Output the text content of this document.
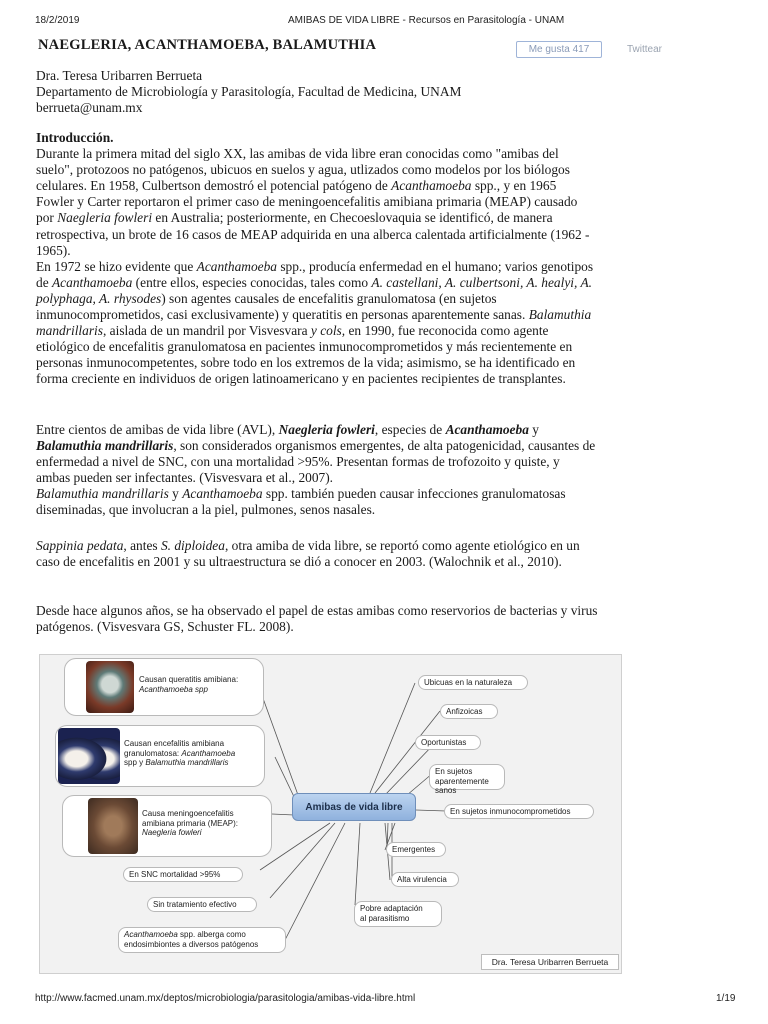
18/2/2019	AMIBAS DE VIDA LIBRE - Recursos en Parasitología - UNAM
NAEGLERIA, ACANTHAMOEBA, BALAMUTHIA	Me gusta 417	Twittear

Dra. Teresa Uribarren Berrueta

Departamento de Microbiología y Parasitología, Facultad de Medicina, UNAM

berrueta@unam.mx

Introducción.

Durante la primera mitad del siglo XX, las amibas de vida libre eran conocidas como "amibas del suelo", protozoos no patógenos, ubicuos en suelos y agua, utlizados como modelos por los biólogos celulares. En 1958, Culbertson demostró el potencial patógeno de Acanthamoeba spp., y en 1965 Fowler y Carter reportaron el primer caso de meningoencefalitis amibiana primaria (MEAP) causado por Naegleria fowleri en Australia; posteriormente, en Checoeslovaquia se identificó, de manera retrospectiva, un brote de 16 casos de MEAP adquirida en una alberca calentada artificialmente (1962 - 1965).

En 1972 se hizo evidente que Acanthamoeba spp., producía enfermedad en el humano; varios genotipos de Acanthamoeba (entre ellos, especies conocidas, tales como A. castellani, A. culbertsoni, A. healyi, A. polyphaga, A. rhysodes) son agentes causales de encefalitis granulomatosa (en sujetos inmunocomprometidos, casi exclusivamente) y queratitis en personas aparentemente sanas. Balamuthia mandrillaris, aislada de un mandril por Visvesvara y cols, en 1990, fue reconocida como agente etiológico de encefalitis granulomatosa en pacientes inmunocomprometidos y más recientemente en personas inmunocompetentes, sobre todo en los extremos de la vida; asimismo, se ha identificado en forma creciente en individuos de origen latinoamericano y en pacientes recipientes de transplantes.

Entre cientos de amibas de vida libre (AVL), Naegleria fowleri, especies de Acanthamoeba y Balamuthia mandrillaris, son considerados organismos emergentes, de alta patogenicidad, causantes de enfermedad a nivel de SNC, con una mortalidad >95%. Presentan formas de trofozoito y quiste, y ambas pueden ser infectantes. (Visvesvara et al., 2007).

Balamuthia mandrillaris y Acanthamoeba spp. también pueden causar infecciones granulomatosas diseminadas, que involucran a la piel, pulmones, senos nasales.

Sappinia pedata, antes S. diploidea, otra amiba de vida libre, se reportó como agente etiológico en un caso de encefalitis en 2001 y su ultraestructura se dió a conocer en 2003. (Walochnik et al., 2010).

Desde hace algunos años, se ha observado el papel de estas amibas como reservorios de bacterias y virus patógenos. (Visvesvara GS, Schuster FL. 2008).

Causan queratitis amibiana:
Acanthamoeba spp
Causan encefalitis amibiana
granulomatosa: Acanthamoeba
spp y Balamuthia mandrillaris
Causa meningoencefalitis
amibiana primaria (MEAP):
Naegleria fowleri
En SNC mortalidad >95%
Sin tratamiento efectivo
Acanthamoeba spp. alberga como
endosimbiontes a diversos patógenos
Amibas de vida libre
Ubicuas en la naturaleza
Anfizoicas
Oportunistas
En sujetos
aparentemente sanos
En sujetos inmunocomprometidos
Emergentes
Alta virulencia
Pobre adaptación
al parasitismo
Dra. Teresa Uribarren Berrueta
http://www.facmed.unam.mx/deptos/microbiologia/parasitologia/amibas-vida-libre.html	1/19
